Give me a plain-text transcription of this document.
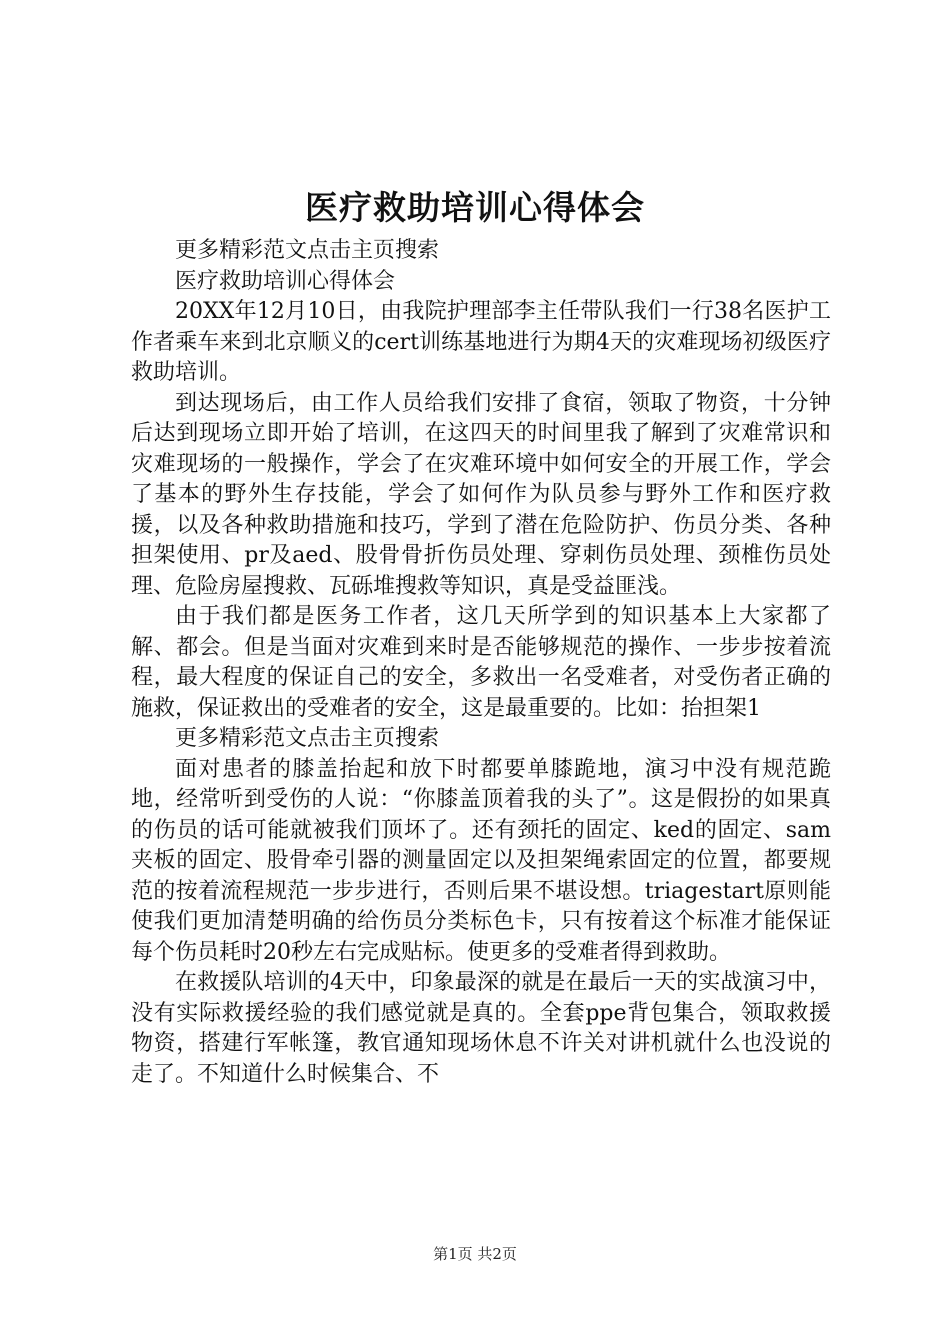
医疗救助培训心得体会

更多精彩范文点击主页搜索

医疗救助培训心得体会

20XX年12月10日，由我院护理部李主任带队我们一行38名医护工作者乘车来到北京顺义的cert训练基地进行为期4天的灾难现场初级医疗救助培训。

到达现场后，由工作人员给我们安排了食宿，领取了物资，十分钟后达到现场立即开始了培训，在这四天的时间里我了解到了灾难常识和灾难现场的一般操作，学会了在灾难环境中如何安全的开展工作，学会了基本的野外生存技能，学会了如何作为队员参与野外工作和医疗救援，以及各种救助措施和技巧，学到了潜在危险防护、伤员分类、各种担架使用、pr及aed、股骨骨折伤员处理、穿刺伤员处理、颈椎伤员处理、危险房屋搜救、瓦砾堆搜救等知识，真是受益匪浅。

由于我们都是医务工作者，这几天所学到的知识基本上大家都了解、都会。但是当面对灾难到来时是否能够规范的操作、一步步按着流程，最大程度的保证自己的安全，多救出一名受难者，对受伤者正确的施救，保证救出的受难者的安全，这是最重要的。比如：抬担架1

更多精彩范文点击主页搜索

面对患者的膝盖抬起和放下时都要单膝跪地，演习中没有规范跪地，经常听到受伤的人说：“你膝盖顶着我的头了”。这是假扮的如果真的伤员的话可能就被我们顶坏了。还有颈托的固定、ked的固定、sam夹板的固定、股骨牵引器的测量固定以及担架绳索固定的位置，都要规范的按着流程规范一步步进行，否则后果不堪设想。triagestart原则能使我们更加清楚明确的给伤员分类标色卡，只有按着这个标准才能保证每个伤员耗时20秒左右完成贴标。使更多的受难者得到救助。

在救援队培训的4天中，印象最深的就是在最后一天的实战演习中，没有实际救援经验的我们感觉就是真的。全套ppe背包集合，领取救援物资，搭建行军帐篷，教官通知现场休息不许关对讲机就什么也没说的走了。不知道什么时候集合、不

第1页 共2页
